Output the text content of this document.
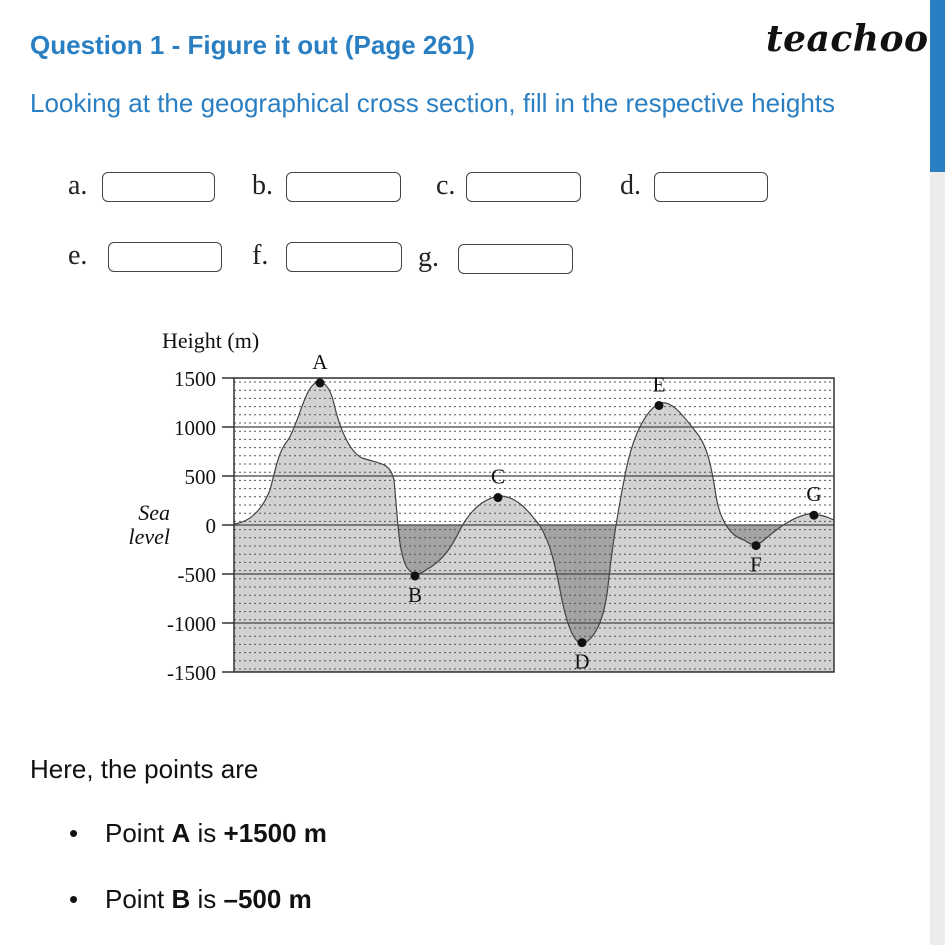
Question 1 - Figure it out (Page 261)	teachoo
Looking at the geographical cross section, fill in the respective heights
a.	b.	c.	d.
e.	f.	g.
Height (m)
Sea
level
1500
1000
500
0
-500
-1000
-1500
A
B
C
D
E
F
G
Here, the points are
• Point A is +1500 m
• Point B is –500 m
